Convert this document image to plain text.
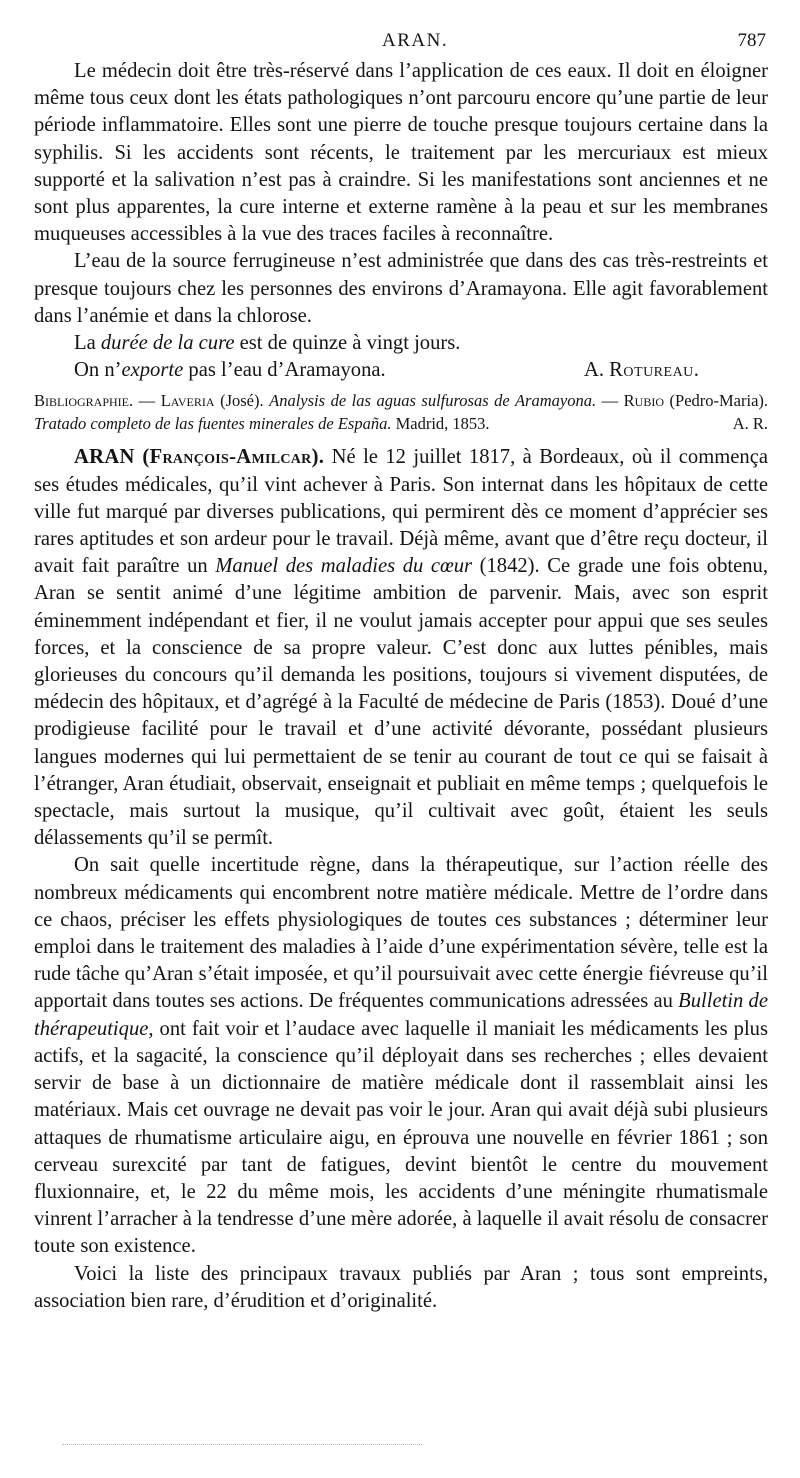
ARAN.	787

Le médecin doit être très-réservé dans l’application de ces eaux. Il doit en éloigner même tous ceux dont les états pathologiques n’ont parcouru encore qu’une partie de leur période inflammatoire. Elles sont une pierre de touche presque toujours certaine dans la syphilis. Si les accidents sont récents, le traitement par les mercuriaux est mieux supporté et la salivation n’est pas à craindre. Si les manifestations sont anciennes et ne sont plus apparentes, la cure interne et externe ramène à la peau et sur les membranes muqueuses accessibles à la vue des traces faciles à reconnaître.

L’eau de la source ferrugineuse n’est administrée que dans des cas très-restreints et presque toujours chez les personnes des environs d’Aramayona. Elle agit favorablement dans l’anémie et dans la chlorose.

La durée de la cure est de quinze à vingt jours.

On n’exporte pas l’eau d’Aramayona.	A. Rotureau.

Bibliographie. — Laveria (José). Analysis de las aguas sulfurosas de Aramayona. — Rubio (Pedro-Maria). Tratado completo de las fuentes minerales de España. Madrid, 1853.	A. R.

ARAN (François-Amilcar). Né le 12 juillet 1817, à Bordeaux, où il commença ses études médicales, qu’il vint achever à Paris. Son internat dans les hôpitaux de cette ville fut marqué par diverses publications, qui permirent dès ce moment d’apprécier ses rares aptitudes et son ardeur pour le travail. Déjà même, avant que d’être reçu docteur, il avait fait paraître un Manuel des maladies du cœur (1842). Ce grade une fois obtenu, Aran se sentit animé d’une légitime ambition de parvenir. Mais, avec son esprit éminemment indépendant et fier, il ne voulut jamais accepter pour appui que ses seules forces, et la conscience de sa propre valeur. C’est donc aux luttes pénibles, mais glorieuses du concours qu’il demanda les positions, toujours si vivement disputées, de médecin des hôpitaux, et d’agrégé à la Faculté de médecine de Paris (1853). Doué d’une prodigieuse facilité pour le travail et d’une activité dévorante, possédant plusieurs langues modernes qui lui permettaient de se tenir au courant de tout ce qui se faisait à l’étranger, Aran étudiait, observait, enseignait et publiait en même temps ; quelquefois le spectacle, mais surtout la musique, qu’il cultivait avec goût, étaient les seuls délassements qu’il se permît.

On sait quelle incertitude règne, dans la thérapeutique, sur l’action réelle des nombreux médicaments qui encombrent notre matière médicale. Mettre de l’ordre dans ce chaos, préciser les effets physiologiques de toutes ces substances ; déterminer leur emploi dans le traitement des maladies à l’aide d’une expérimentation sévère, telle est la rude tâche qu’Aran s’était imposée, et qu’il poursuivait avec cette énergie fiévreuse qu’il apportait dans toutes ses actions. De fréquentes communications adressées au Bulletin de thérapeutique, ont fait voir et l’audace avec laquelle il maniait les médicaments les plus actifs, et la sagacité, la conscience qu’il déployait dans ses recherches ; elles devaient servir de base à un dictionnaire de matière médicale dont il rassemblait ainsi les matériaux. Mais cet ouvrage ne devait pas voir le jour. Aran qui avait déjà subi plusieurs attaques de rhumatisme articulaire aigu, en éprouva une nouvelle en février 1861 ; son cerveau surexcité par tant de fatigues, devint bientôt le centre du mouvement fluxionnaire, et, le 22 du même mois, les accidents d’une méningite rhumatismale vinrent l’arracher à la tendresse d’une mère adorée, à laquelle il avait résolu de consacrer toute son existence.

Voici la liste des principaux travaux publiés par Aran ; tous sont empreints, association bien rare, d’érudition et d’originalité.
